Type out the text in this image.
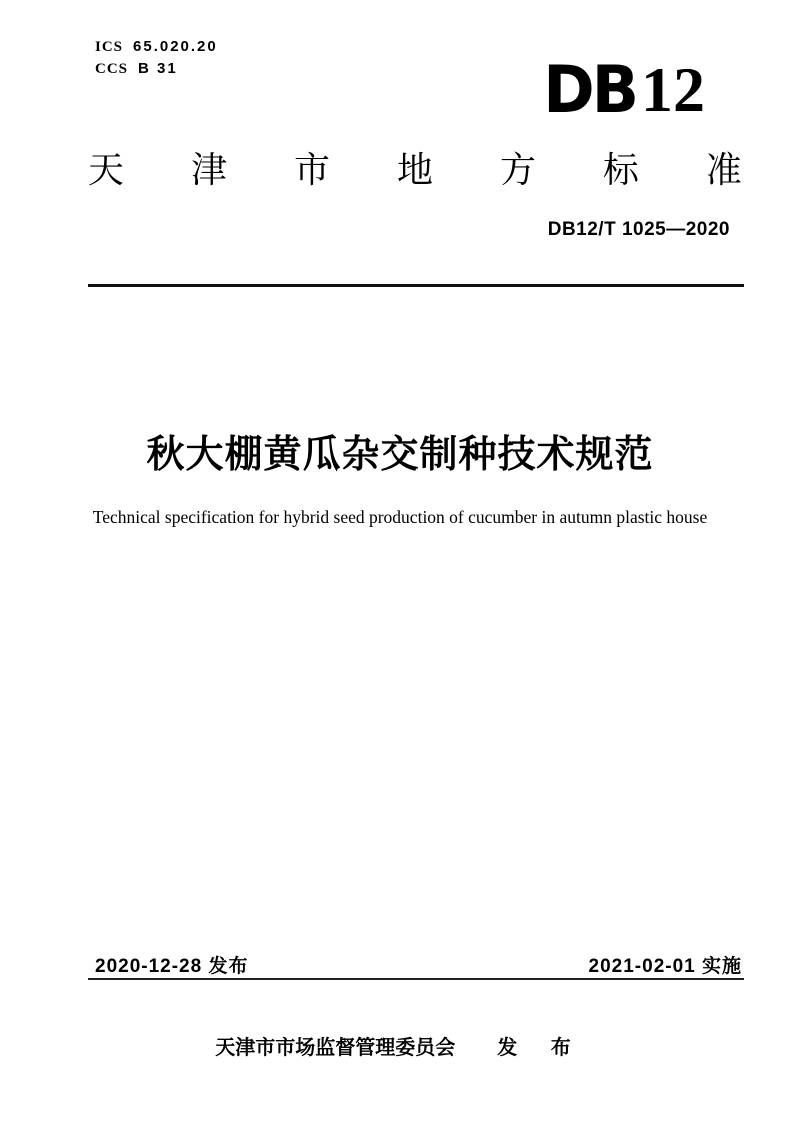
ICS 65.020.20
CCS B 31	DB12
天 津 市 地 方 标 准
DB12/T 1025—2020
秋大棚黄瓜杂交制种技术规范
Technical specification for hybrid seed production of cucumber in autumn plastic house
2020-12-28 发布	2021-02-01 实施
天津市市场监督管理委员会 发 布
